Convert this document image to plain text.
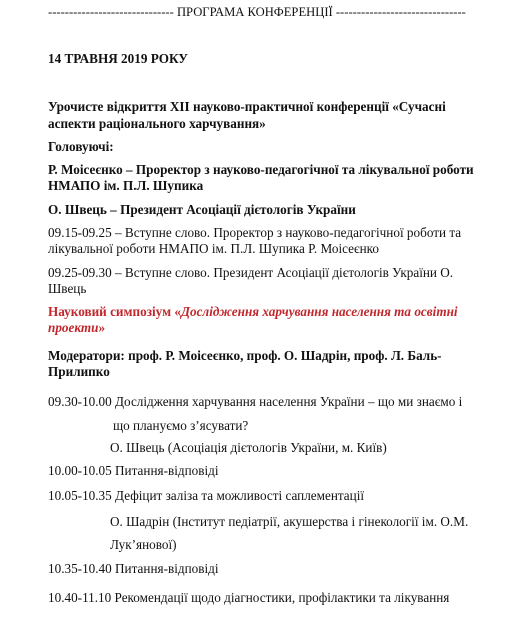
------------------------------ ПРОГРАМА КОНФЕРЕНЦІЇ -------------------------------
14 ТРАВНЯ 2019 РОКУ
Урочисте відкриття ХІІ науково-практичної конференції «Сучасні
аспекти раціонального харчування»
Головуючі:
Р. Моісеєнко – Проректор з науково-педагогічної та лікувальної роботи
НМАПО ім. П.Л. Шупика
О. Швець – Президент Асоціації дієтологів України
09.15-09.25 – Вступне слово. Проректор з науково-педагогічної роботи та
лікувальної роботи НМАПО ім. П.Л. Шупика Р. Моісеєнко
09.25-09.30 – Вступне слово. Президент Асоціації дієтологів України О.
Швець
Науковий симпозіум «Дослідження харчування населення та освітні
проекти»
Модератори: проф. Р. Моісеєнко, проф. О. Шадрін, проф. Л. Баль-
Прилипко
09.30-10.00 Дослідження харчування населення України – що ми знаємо і
що плануємо з’ясувати?
О. Швець (Асоціація дієтологів України, м. Київ)
10.00-10.05 Питання-відповіді
10.05-10.35 Дефіцит заліза та можливості саплементації
О. Шадрін (Інститут педіатрії, акушерства і гінекології ім. О.М.
Лук’янової)
10.35-10.40 Питання-відповіді
10.40-11.10 Рекомендації щодо діагностики, профілактики та лікування
